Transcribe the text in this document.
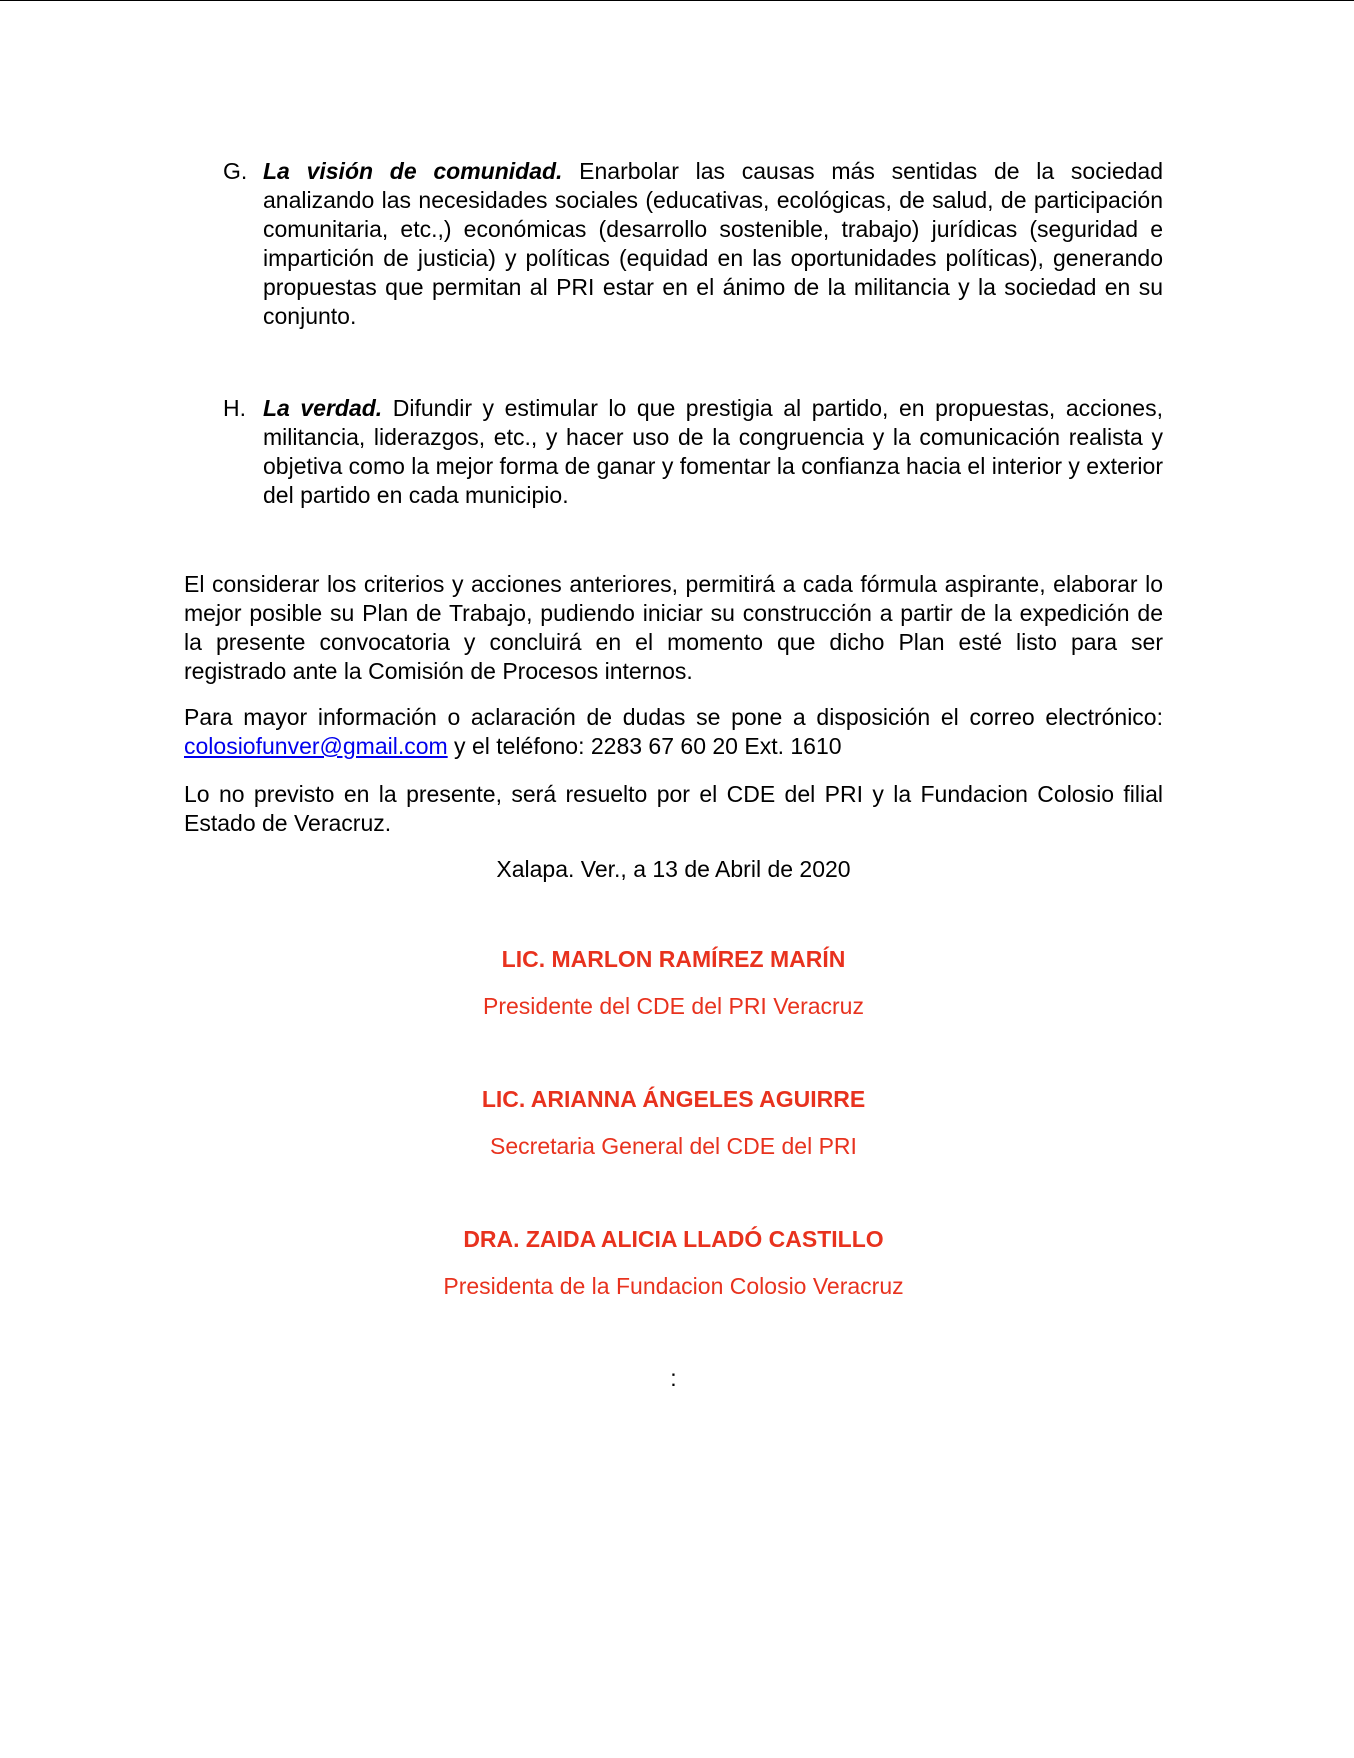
G. La visión de comunidad. Enarbolar las causas más sentidas de la sociedad analizando las necesidades sociales (educativas, ecológicas, de salud, de participación comunitaria, etc.,) económicas (desarrollo sostenible, trabajo) jurídicas (seguridad e impartición de justicia) y políticas (equidad en las oportunidades políticas), generando propuestas que permitan al PRI estar en el ánimo de la militancia y la sociedad en su conjunto.
H. La verdad. Difundir y estimular lo que prestigia al partido, en propuestas, acciones, militancia, liderazgos, etc., y hacer uso de la congruencia y la comunicación realista y objetiva como la mejor forma de ganar y fomentar la confianza hacia el interior y exterior del partido en cada municipio.
El considerar los criterios y acciones anteriores, permitirá a cada fórmula aspirante, elaborar lo mejor posible su Plan de Trabajo, pudiendo iniciar su construcción a partir de la expedición de la presente convocatoria y concluirá en el momento que dicho Plan esté listo para ser registrado ante la Comisión de Procesos internos.
Para mayor información o aclaración de dudas se pone a disposición el correo electrónico: colosiofunver@gmail.com y el teléfono: 2283 67 60 20 Ext. 1610
Lo no previsto en la presente, será resuelto por el CDE del PRI y la Fundacion Colosio filial Estado de Veracruz.
Xalapa. Ver., a 13 de Abril de 2020
LIC. MARLON RAMÍREZ MARÍN
Presidente del CDE del PRI Veracruz
LIC. ARIANNA ÁNGELES AGUIRRE
Secretaria General del CDE del PRI
DRA. ZAIDA ALICIA LLADÓ CASTILLO
Presidenta de la Fundacion Colosio Veracruz
:
